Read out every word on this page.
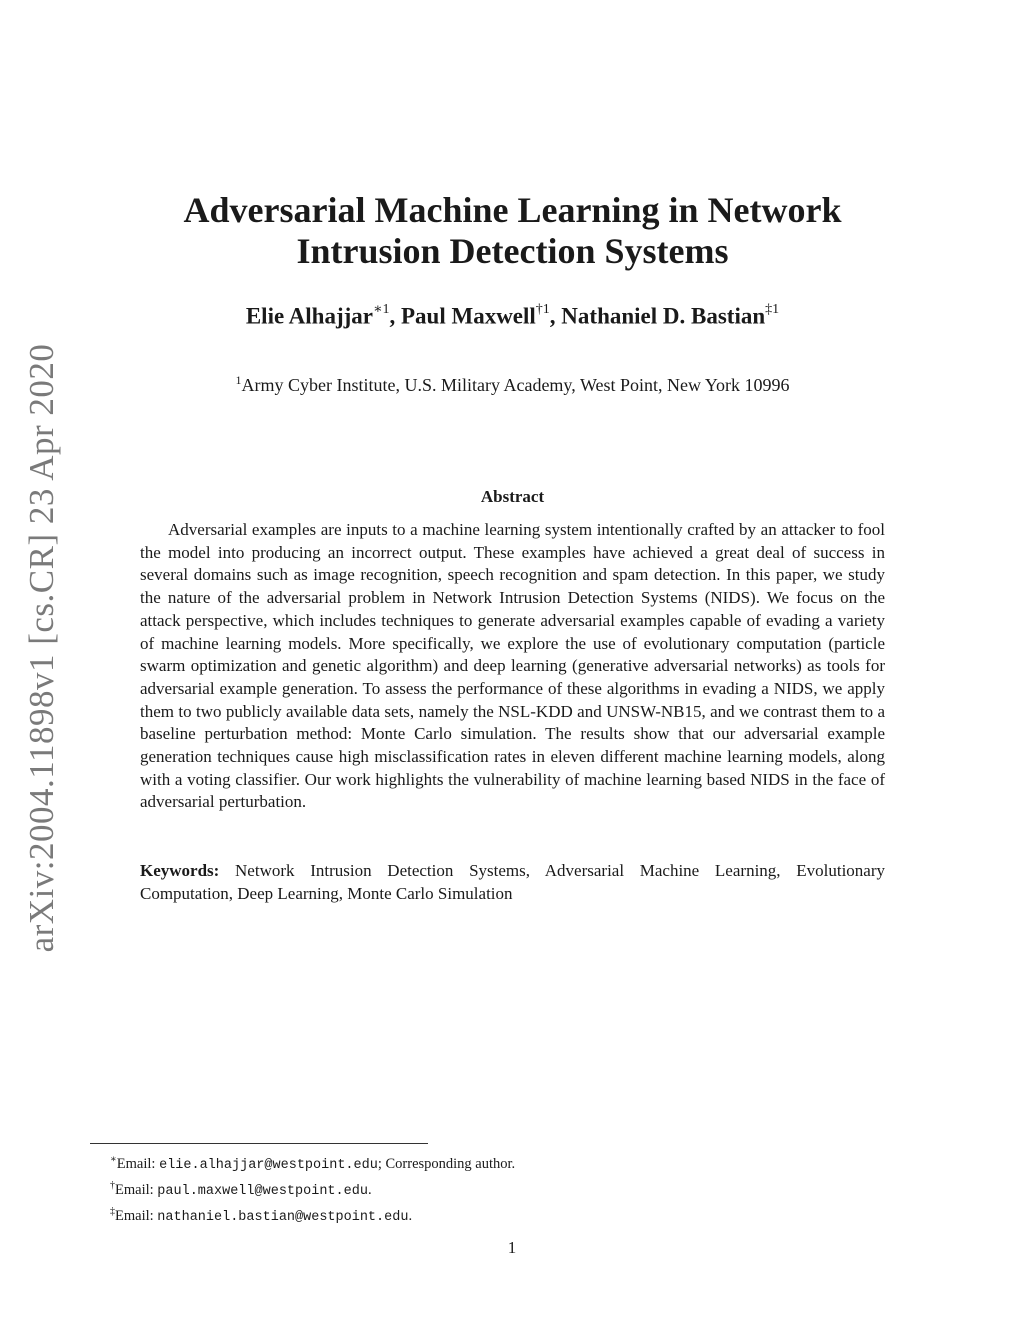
arXiv:2004.11898v1 [cs.CR] 23 Apr 2020
Adversarial Machine Learning in Network
Intrusion Detection Systems
Elie Alhajjar$^{∗1}$, Paul Maxwell$^{\dagger 1}$, Nathaniel D. Bastian$^{\ddagger 1}$
$^1$Army Cyber Institute, U.S. Military Academy, West Point, New York 10996
Abstract

Adversarial examples are inputs to a machine learning system intentionally crafted by an attacker to fool the model into producing an incorrect output. These examples have achieved a great deal of success in several domains such as image recognition, speech recognition and spam detection. In this paper, we study the nature of the adversarial problem in Network Intrusion Detection Systems (NIDS). We focus on the attack perspective, which includes techniques to generate adversarial examples capable of evading a variety of machine learning models. More specifically, we explore the use of evolutionary computation (particle swarm optimization and genetic algorithm) and deep learning (generative adversarial networks) as tools for adversarial example generation. To assess the performance of these algorithms in evading a NIDS, we apply them to two publicly available data sets, namely the NSL-KDD and UNSW-NB15, and we contrast them to a baseline perturbation method: Monte Carlo simulation. The results show that our adversarial example generation techniques cause high misclassification rates in eleven different machine learning models, along with a voting classifier. Our work highlights the vulnerability of machine learning based NIDS in the face of adversarial perturbation.

Keywords: Network Intrusion Detection Systems, Adversarial Machine Learning, Evolutionary Computation, Deep Learning, Monte Carlo Simulation

∗Email: elie.alhajjar@westpoint.edu; Corresponding author.
†Email: paul.maxwell@westpoint.edu.
‡Email: nathaniel.bastian@westpoint.edu.
1
